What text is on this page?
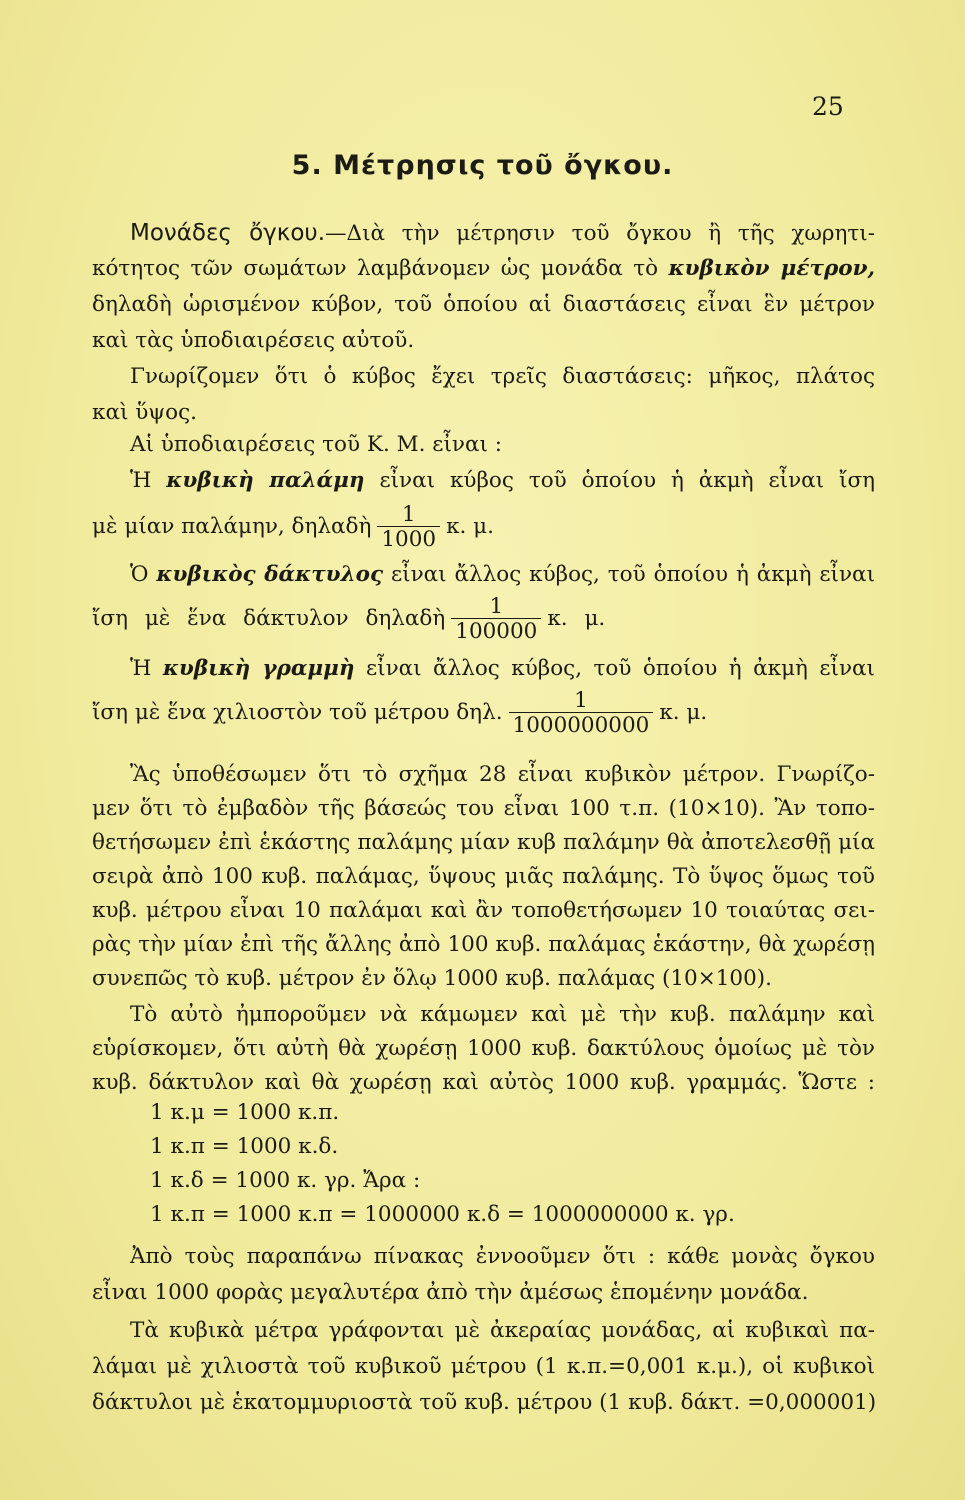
25
5. Μέτρησις τοῦ ὄγκου.
Μονάδες ὄγκου.—Διὰ τὴν μέτρησιν τοῦ ὄγκου ἢ τῆς χωρητι-
κότητος τῶν σωμάτων λαμβάνομεν ὡς μονάδα τὸ κυβικὸν μέτρον,
δηλαδὴ ὡρισμένον κύβον, τοῦ ὁποίου αἱ διαστάσεις εἶναι ἓν μέτρον
καὶ τὰς ὑποδιαιρέσεις αὐτοῦ.
Γνωρίζομεν ὅτι ὁ κύβος ἔχει τρεῖς διαστάσεις: μῆκος, πλάτος
καὶ ὕψος.
Αἱ ὑποδιαιρέσεις τοῦ Κ. Μ. εἶναι :
Ἡ κυβικὴ παλάμη εἶναι κύβος τοῦ ὁποίου ἡ ἀκμὴ εἶναι ἴση
μὲ μίαν παλάμην, δηλαδὴ $\frac{1}{1000} \kappa$. μ.
Ὁ κυβικὸς δάκτυλος εἶναι ἄλλος κύβος, τοῦ ὁποίου ἡ ἀκμὴ εἶναι
ἴση μὲ ἕνα δάκτυλον δηλαδὴ $\frac{1}{100000} \kappa$. μ.
Ἡ κυβικὴ γραμμὴ εἶναι ἄλλος κύβος, τοῦ ὁποίου ἡ ἀκμὴ εἶναι
ἴση μὲ ἕνα χιλιοστὸν τοῦ μέτρου δηλ. $\frac{1}{1000000000} \kappa$. μ.
Ἂς ὑποθέσωμεν ὅτι τὸ σχῆμα 28 εἶναι κυβικὸν μέτρον. Γνωρίζο-
μεν ὅτι τὸ ἐμβαδὸν τῆς βάσεώς του εἶναι 100 τ.π. (10×10). Ἂν τοπο-
θετήσωμεν ἐπὶ ἑκάστης παλάμης μίαν κυβ παλάμην θὰ ἀποτελεσθῇ μία
σειρὰ ἀπὸ 100 κυβ. παλάμας, ὕψους μιᾶς παλάμης. Τὸ ὕψος ὅμως τοῦ
κυβ. μέτρου εἶναι 10 παλάμαι καὶ ἂν τοποθετήσωμεν 10 τοιαύτας σει-
ρὰς τὴν μίαν ἐπὶ τῆς ἄλλης ἀπὸ 100 κυβ. παλάμας ἑκάστην, θὰ χωρέσῃ
συνεπῶς τὸ κυβ. μέτρον ἐν ὅλῳ 1000 κυβ. παλάμας (10×100).
Τὸ αὐτὸ ἠμποροῦμεν νὰ κάμωμεν καὶ μὲ τὴν κυβ. παλάμην καὶ
εὑρίσκομεν, ὅτι αὐτὴ θὰ χωρέσῃ 1000 κυβ. δακτύλους ὁμοίως μὲ τὸν
κυβ. δάκτυλον καὶ θὰ χωρέσῃ καὶ αὐτὸς 1000 κυβ. γραμμάς. Ὥστε :
1 κ.μ = 1000 κ.π.
1 κ.π = 1000 κ.δ.
1 κ.δ = 1000 κ. γρ. Ἄρα :
1 κ.π = 1000 κ.π = 1000000 κ.δ = 1000000000 κ. γρ.
Ἀπὸ τοὺς παραπάνω πίνακας ἐννοοῦμεν ὅτι : κάθε μονὰς ὄγκου
εἶναι 1000 φορὰς μεγαλυτέρα ἀπὸ τὴν ἀμέσως ἑπομένην μονάδα.
Τὰ κυβικὰ μέτρα γράφονται μὲ ἀκεραίας μονάδας, αἱ κυβικαὶ πα-
λάμαι μὲ χιλιοστὰ τοῦ κυβικοῦ μέτρου (1 κ.π.=0,001 κ.μ.), οἱ κυβικοὶ
δάκτυλοι μὲ ἑκατομμυριοστὰ τοῦ κυβ. μέτρου (1 κυβ. δάκτ. =0,000001)
